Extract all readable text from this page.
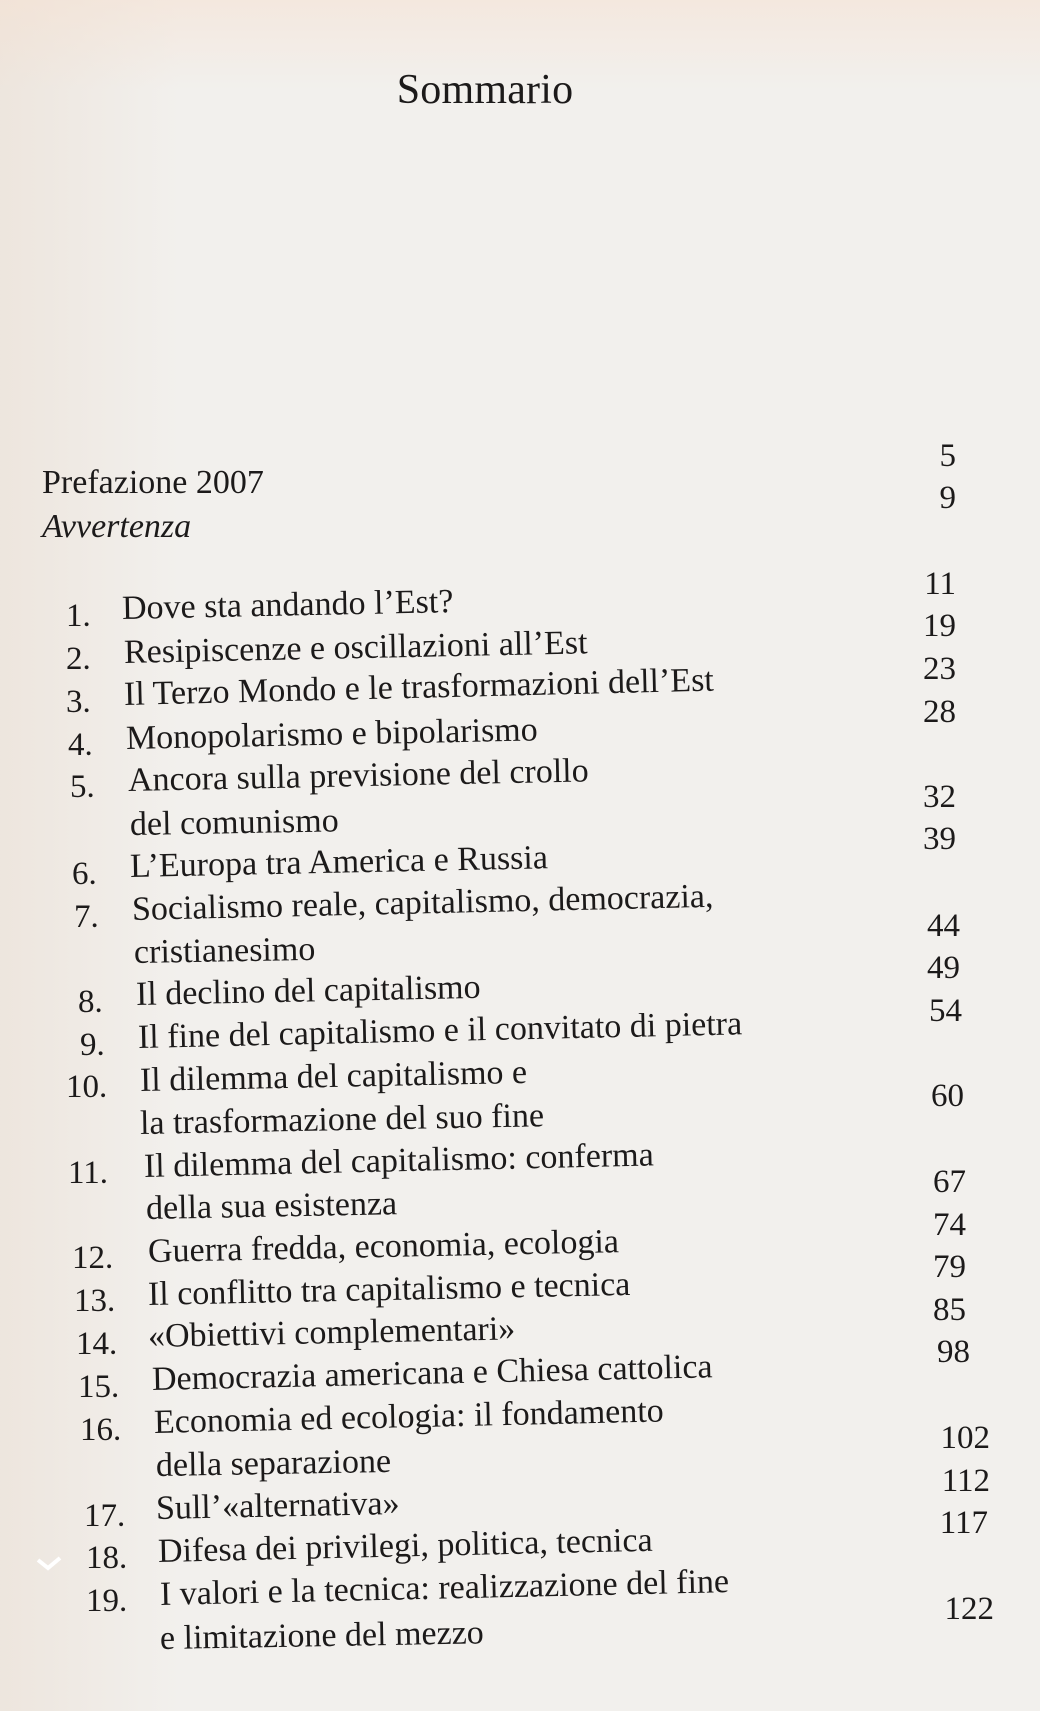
Sommario
Prefazione 2007
Avvertenza
5
9
11
19
23
28
32
39
44
49
54
60
67
74
79
85
98
102
112
117
122
1. Dove sta andando l’Est?
2. Resipiscenze e oscillazioni all’Est
3. Il Terzo Mondo e le trasformazioni dell’Est
4. Monopolarismo e bipolarismo
5. Ancora sulla previsione del crollo
del comunismo
6. L’Europa tra America e Russia
7. Socialismo reale, capitalismo, democrazia,
cristianesimo
8. Il declino del capitalismo
9. Il fine del capitalismo e il convitato di pietra
10. Il dilemma del capitalismo e
la trasformazione del suo fine
11. Il dilemma del capitalismo: conferma
della sua esistenza
12. Guerra fredda, economia, ecologia
13. Il conflitto tra capitalismo e tecnica
14. «Obiettivi complementari»
15. Democrazia americana e Chiesa cattolica
16. Economia ed ecologia: il fondamento
della separazione
17. Sull’«alternativa»
18. Difesa dei privilegi, politica, tecnica
19. I valori e la tecnica: realizzazione del fine
e limitazione del mezzo
